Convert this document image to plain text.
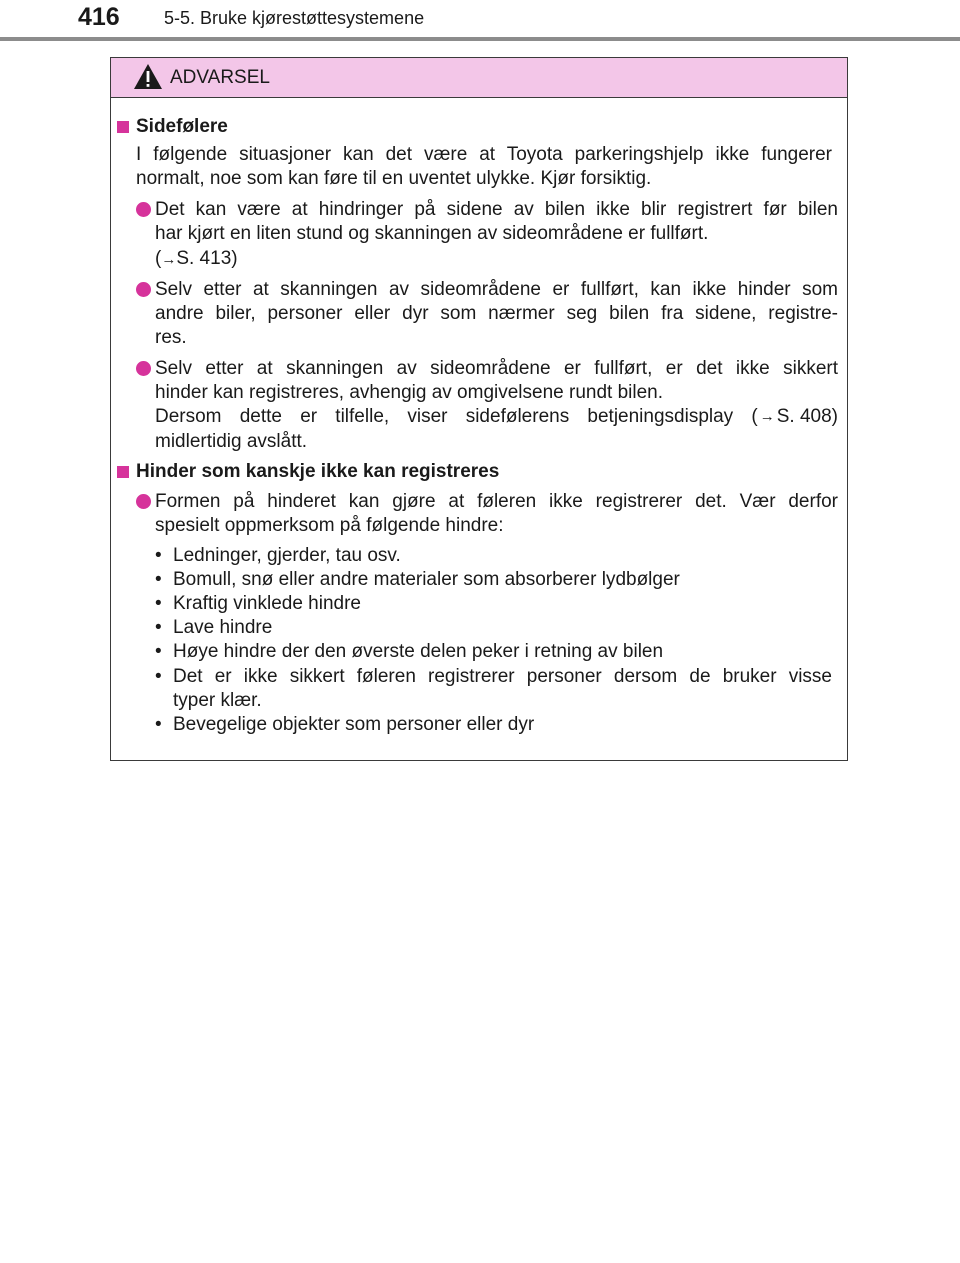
416 5-5. Bruke kjørestøttesystemene
ADVARSEL
Sidefølere
I følgende situasjoner kan det være at Toyota parkeringshjelp ikke fungerer
normalt, noe som kan føre til en uventet ulykke. Kjør forsiktig.
Det kan være at hindringer på sidene av bilen ikke blir registrert før bilen
har kjørt en liten stund og skanningen av sideområdene er fullført.
(→S. 413)
Selv etter at skanningen av sideområdene er fullført, kan ikke hinder som
andre biler, personer eller dyr som nærmer seg bilen fra sidene, registre-
res.
Selv etter at skanningen av sideområdene er fullført, er det ikke sikkert
hinder kan registreres, avhengig av omgivelsene rundt bilen.
Dersom dette er tilfelle, viser sidefølerens betjeningsdisplay ( → S. 408)
midlertidig avslått.
Hinder som kanskje ikke kan registreres
Formen på hinderet kan gjøre at føleren ikke registrerer det. Vær derfor
spesielt oppmerksom på følgende hindre:
• Ledninger, gjerder, tau osv.
• Bomull, snø eller andre materialer som absorberer lydbølger
• Kraftig vinklede hindre
• Lave hindre
• Høye hindre der den øverste delen peker i retning av bilen
• Det er ikke sikkert føleren registrerer personer dersom de bruker visse
typer klær.
• Bevegelige objekter som personer eller dyr
